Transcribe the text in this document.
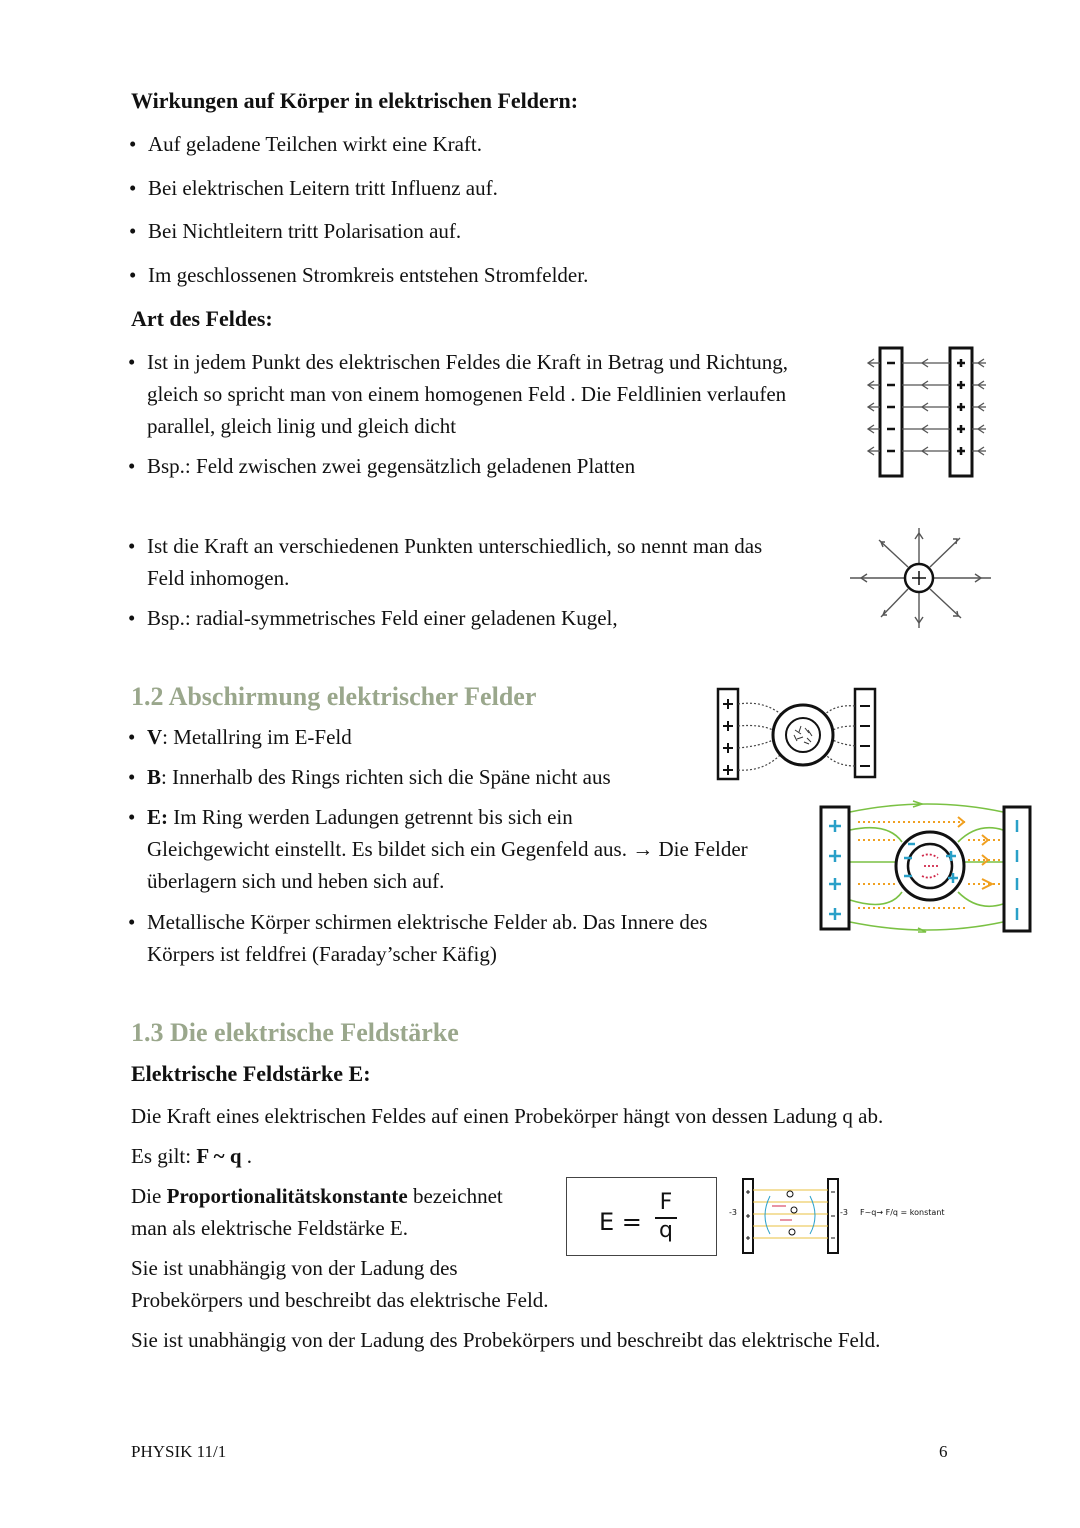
Wirkungen auf Körper in elektrischen Feldern:
• Auf geladene Teilchen wirkt eine Kraft.
• Bei elektrischen Leitern tritt Influenz auf.
• Bei Nichtleitern tritt Polarisation auf.
• Im geschlossenen Stromkreis entstehen Stromfelder.
Art des Feldes:
• Ist in jedem Punkt des elektrischen Feldes die Kraft in Betrag und Richtung,
gleich so spricht man von einem homogenen Feld . Die Feldlinien verlaufen
parallel, gleich linig und gleich dicht
• Bsp.: Feld zwischen zwei gegensätzlich geladenen Platten
• Ist die Kraft an verschiedenen Punkten unterschiedlich, so nennt man das
Feld inhomogen.
• Bsp.: radial-symmetrisches Feld einer geladenen Kugel,
1.2 Abschirmung elektrischer Felder
• V: Metallring im E-Feld
• B: Innerhalb des Rings richten sich die Späne nicht aus
• E: Im Ring werden Ladungen getrennt bis sich ein
Gleichgewicht einstellt. Es bildet sich ein Gegenfeld aus. → Die Felder
überlagern sich und heben sich auf.
• Metallische Körper schirmen elektrische Felder ab. Das Innere des
Körpers ist feldfrei (Faraday’scher Käfig)
1.3 Die elektrische Feldstärke
Elektrische Feldstärke E:
Die Kraft eines elektrischen Feldes auf einen Probekörper hängt von dessen Ladung q ab.
Es gilt: F ~ q .
Die Proportionalitätskonstante bezeichnet
man als elektrische Feldstärke E.
Sie ist unabhängig von der Ladung des
Probekörpers und beschreibt das elektrische Feld.
Sie ist unabhängig von der Ladung des Probekörpers und beschreibt das elektrische Feld.
E =
F
q
-3	-3 F~q→ F/q = konstant
PHYSIK 11/1	6
